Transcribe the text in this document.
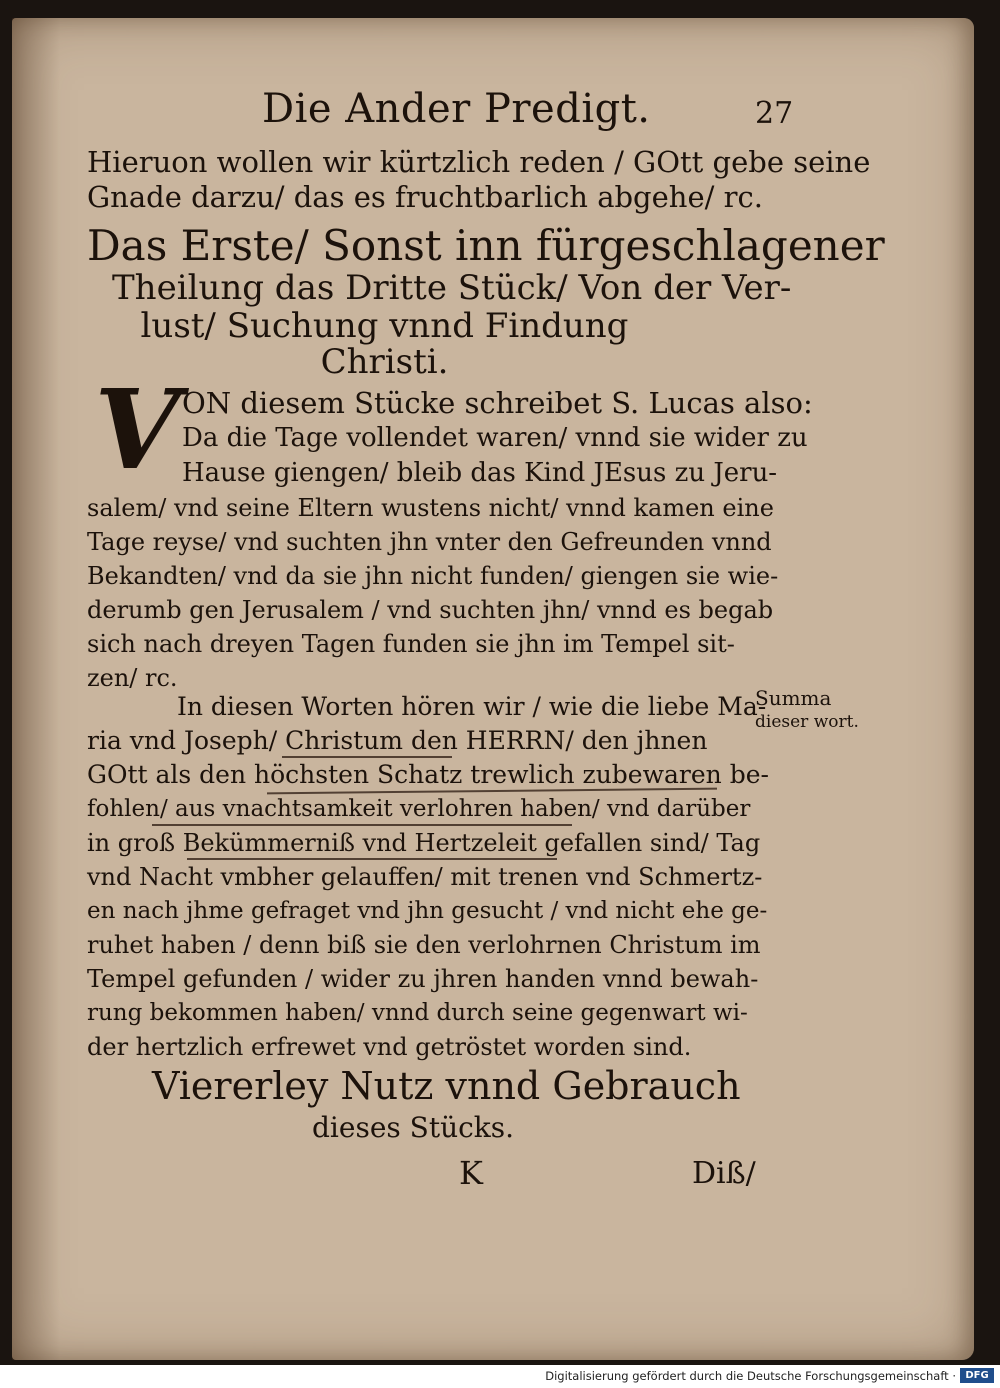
Die Ander Predigt.	27
Hieruon wollen wir kürtzlich reden / GOtt gebe seine
Gnade darzu/ das es fruchtbarlich abgehe/ rc.
Das Erste/ Sonst inn fürgeschlagener
Theilung das Dritte Stück/ Von der Ver-
lust/ Suchung vnnd Findung
Christi.
V ON diesem Stücke schreibet S. Lucas also:
Da die Tage vollendet waren/ vnnd sie wider zu
Hause giengen/ bleib das Kind JEsus zu Jeru-
salem/ vnd seine Eltern wustens nicht/ vnnd kamen eine
Tage reyse/ vnd suchten jhn vnter den Gefreunden vnnd
Bekandten/ vnd da sie jhn nicht funden/ giengen sie wie-
derumb gen Jerusalem / vnd suchten jhn/ vnnd es begab
sich nach dreyen Tagen funden sie jhn im Tempel sit-
zen/ rc.
In diesen Worten hören wir / wie die liebe Ma-
ria vnd Joseph/ Christum den HERRN/ den jhnen
GOtt als den höchsten Schatz trewlich zubewaren be-
fohlen/ aus vnachtsamkeit verlohren haben/ vnd darüber
in groß Bekümmerniß vnd Hertzeleit gefallen sind/ Tag
vnd Nacht vmbher gelauffen/ mit trenen vnd Schmertz-
en nach jhme gefraget vnd jhn gesucht / vnd nicht ehe ge-
ruhet haben / denn biß sie den verlohrnen Christum im
Tempel gefunden / wider zu jhren handen vnnd bewah-
rung bekommen haben/ vnnd durch seine gegenwart wi-
der hertzlich erfrewet vnd getröstet worden sind.
Summa
dieser wort.
Viererley Nutz vnnd Gebrauch
dieses Stücks.
K	Diß/
Digitalisierung gefördert durch die Deutsche Forschungsgemeinschaft · DFG
